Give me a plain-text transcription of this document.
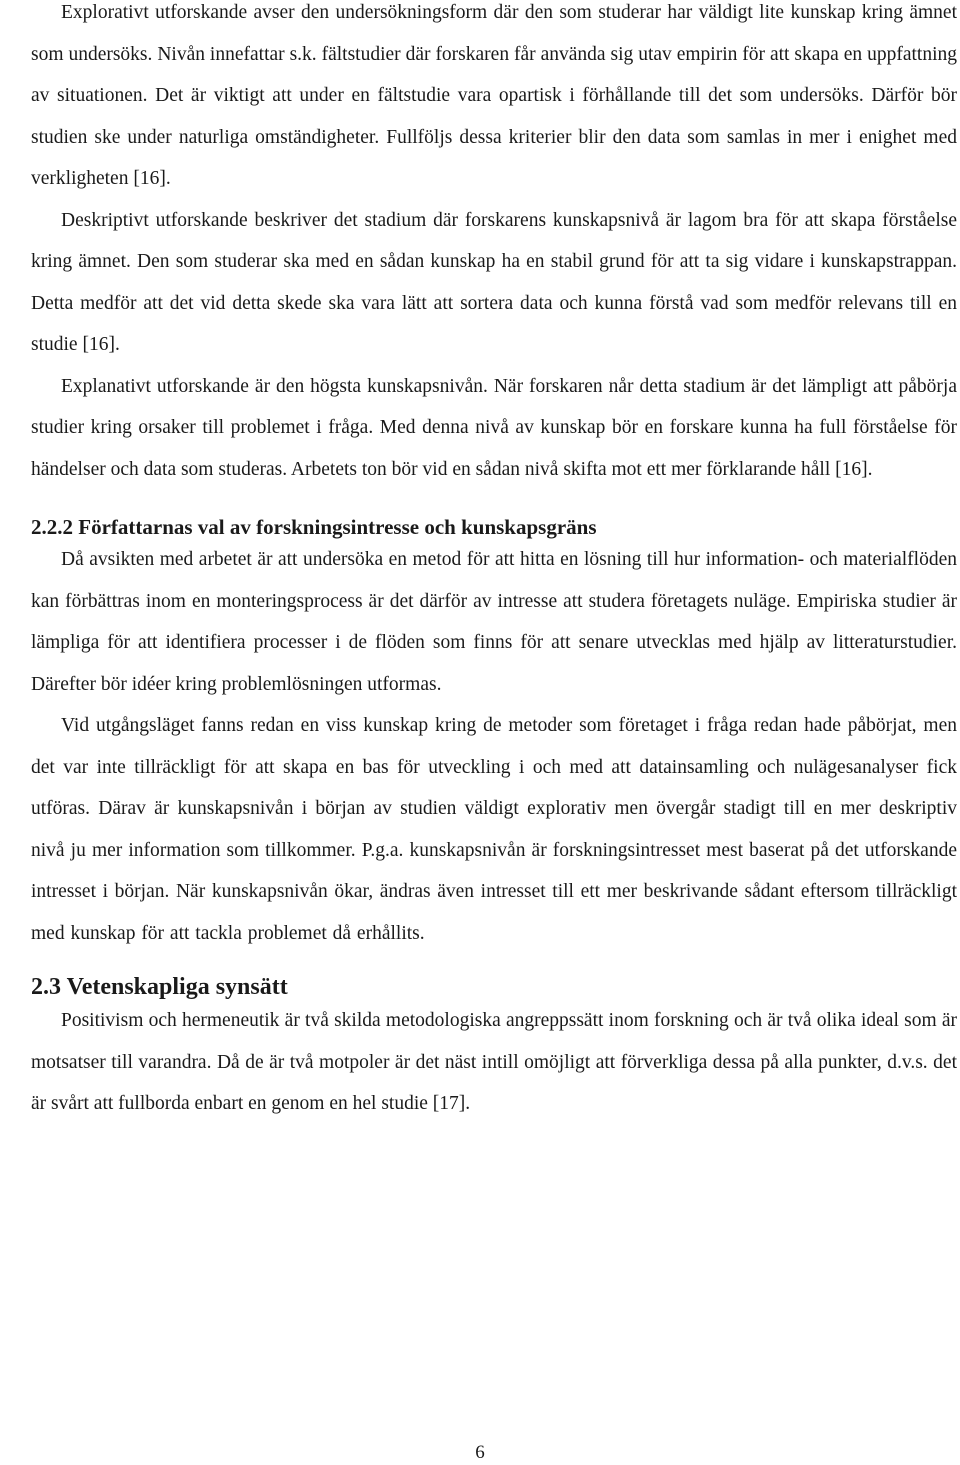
Explorativt utforskande avser den undersökningsform där den som studerar har väldigt lite kunskap kring ämnet som undersöks. Nivån innefattar s.k. fältstudier där forskaren får använda sig utav empirin för att skapa en uppfattning av situationen. Det är viktigt att under en fältstudie vara opartisk i förhållande till det som undersöks. Därför bör studien ske under naturliga omständigheter. Fullföljs dessa kriterier blir den data som samlas in mer i enighet med verkligheten [16].

Deskriptivt utforskande beskriver det stadium där forskarens kunskapsnivå är lagom bra för att skapa förståelse kring ämnet. Den som studerar ska med en sådan kunskap ha en stabil grund för att ta sig vidare i kunskapstrappan. Detta medför att det vid detta skede ska vara lätt att sortera data och kunna förstå vad som medför relevans till en studie [16].

Explanativt utforskande är den högsta kunskapsnivån. När forskaren når detta stadium är det lämpligt att påbörja studier kring orsaker till problemet i fråga. Med denna nivå av kunskap bör en forskare kunna ha full förståelse för händelser och data som studeras. Arbetets ton bör vid en sådan nivå skifta mot ett mer förklarande håll [16].

2.2.2 Författarnas val av forskningsintresse och kunskapsgräns

Då avsikten med arbetet är att undersöka en metod för att hitta en lösning till hur information- och materialflöden kan förbättras inom en monteringsprocess är det därför av intresse att studera företagets nuläge. Empiriska studier är lämpliga för att identifiera processer i de flöden som finns för att senare utvecklas med hjälp av litteraturstudier. Därefter bör idéer kring problemlösningen utformas.

Vid utgångsläget fanns redan en viss kunskap kring de metoder som företaget i fråga redan hade påbörjat, men det var inte tillräckligt för att skapa en bas för utveckling i och med att datainsamling och nulägesanalyser fick utföras. Därav är kunskapsnivån i början av studien väldigt explorativ men övergår stadigt till en mer deskriptiv nivå ju mer information som tillkommer. P.g.a. kunskapsnivån är forskningsintresset mest baserat på det utforskande intresset i början. När kunskapsnivån ökar, ändras även intresset till ett mer beskrivande sådant eftersom tillräckligt med kunskap för att tackla problemet då erhållits.

2.3 Vetenskapliga synsätt

Positivism och hermeneutik är två skilda metodologiska angreppssätt inom forskning och är två olika ideal som är motsatser till varandra. Då de är två motpoler är det näst intill omöjligt att förverkliga dessa på alla punkter, d.v.s. det är svårt att fullborda enbart en genom en hel studie [17].

6
